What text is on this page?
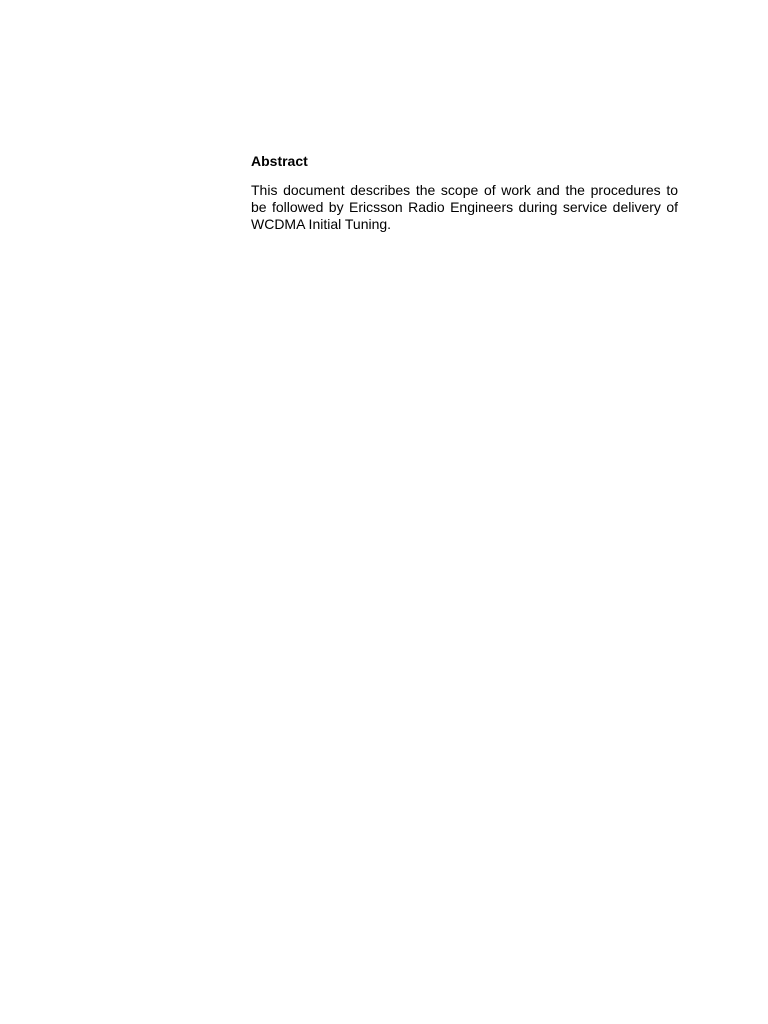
Abstract

This document describes the scope of work and the procedures to be followed by Ericsson Radio Engineers during service delivery of WCDMA Initial Tuning.
